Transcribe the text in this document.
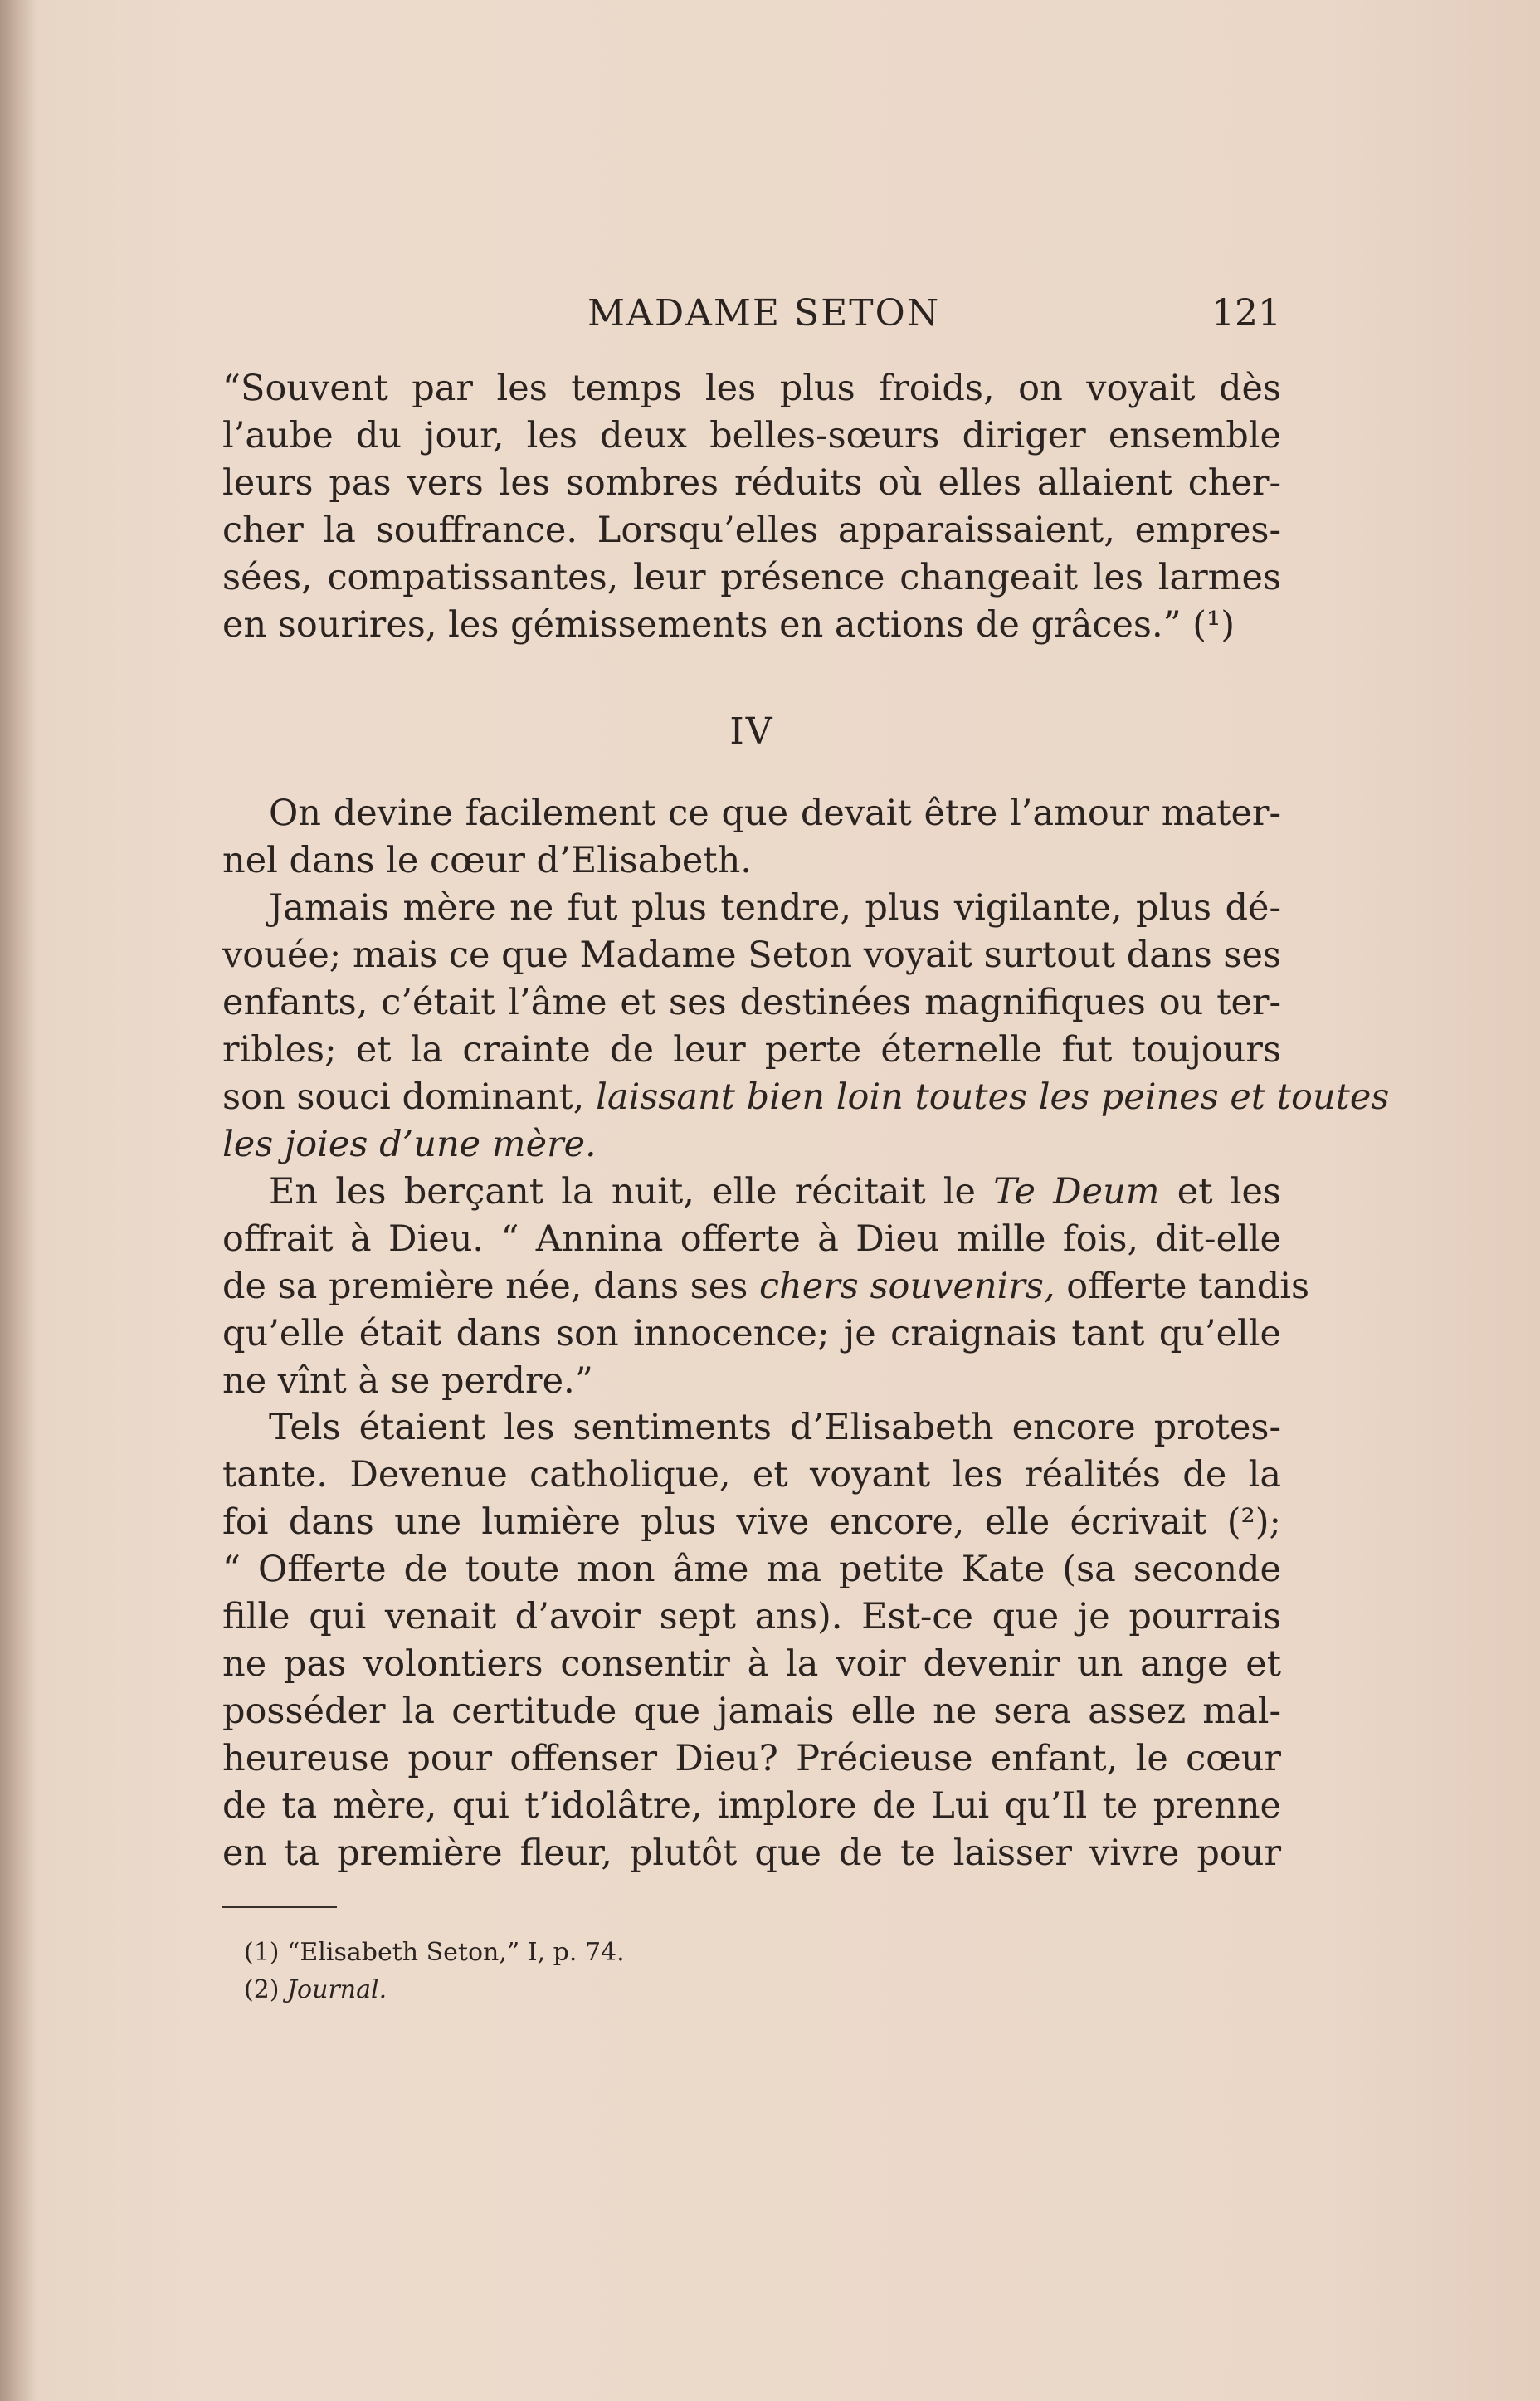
MADAME SETON	121
“Souvent par les temps les plus froids, on voyait dès
l’aube du jour, les deux belles-sœurs diriger ensemble
leurs pas vers les sombres réduits où elles allaient cher-
cher la souffrance. Lorsqu’elles apparaissaient, empres-
sées, compatissantes, leur présence changeait les larmes
en sourires, les gémissements en actions de grâces.” (¹)
IV
On devine facilement ce que devait être l’amour mater-
nel dans le cœur d’Elisabeth.
Jamais mère ne fut plus tendre, plus vigilante, plus dé-
vouée; mais ce que Madame Seton voyait surtout dans ses
enfants, c’était l’âme et ses destinées magnifiques ou ter-
ribles; et la crainte de leur perte éternelle fut toujours
son souci dominant, laissant bien loin toutes les peines et toutes
les joies d’une mère.
En les berçant la nuit, elle récitait le Te Deum et les
offrait à Dieu. “ Annina offerte à Dieu mille fois, dit-elle
de sa première née, dans ses chers souvenirs, offerte tandis
qu’elle était dans son innocence; je craignais tant qu’elle
ne vînt à se perdre.”
Tels étaient les sentiments d’Elisabeth encore protes-
tante. Devenue catholique, et voyant les réalités de la
foi dans une lumière plus vive encore, elle écrivait (²);
“ Offerte de toute mon âme ma petite Kate (sa seconde
fille qui venait d’avoir sept ans). Est-ce que je pourrais
ne pas volontiers consentir à la voir devenir un ange et
posséder la certitude que jamais elle ne sera assez mal-
heureuse pour offenser Dieu? Précieuse enfant, le cœur
de ta mère, qui t’idolâtre, implore de Lui qu’Il te prenne
en ta première fleur, plutôt que de te laisser vivre pour
(1) “Elisabeth Seton,” I, p. 74.
(2) Journal.
